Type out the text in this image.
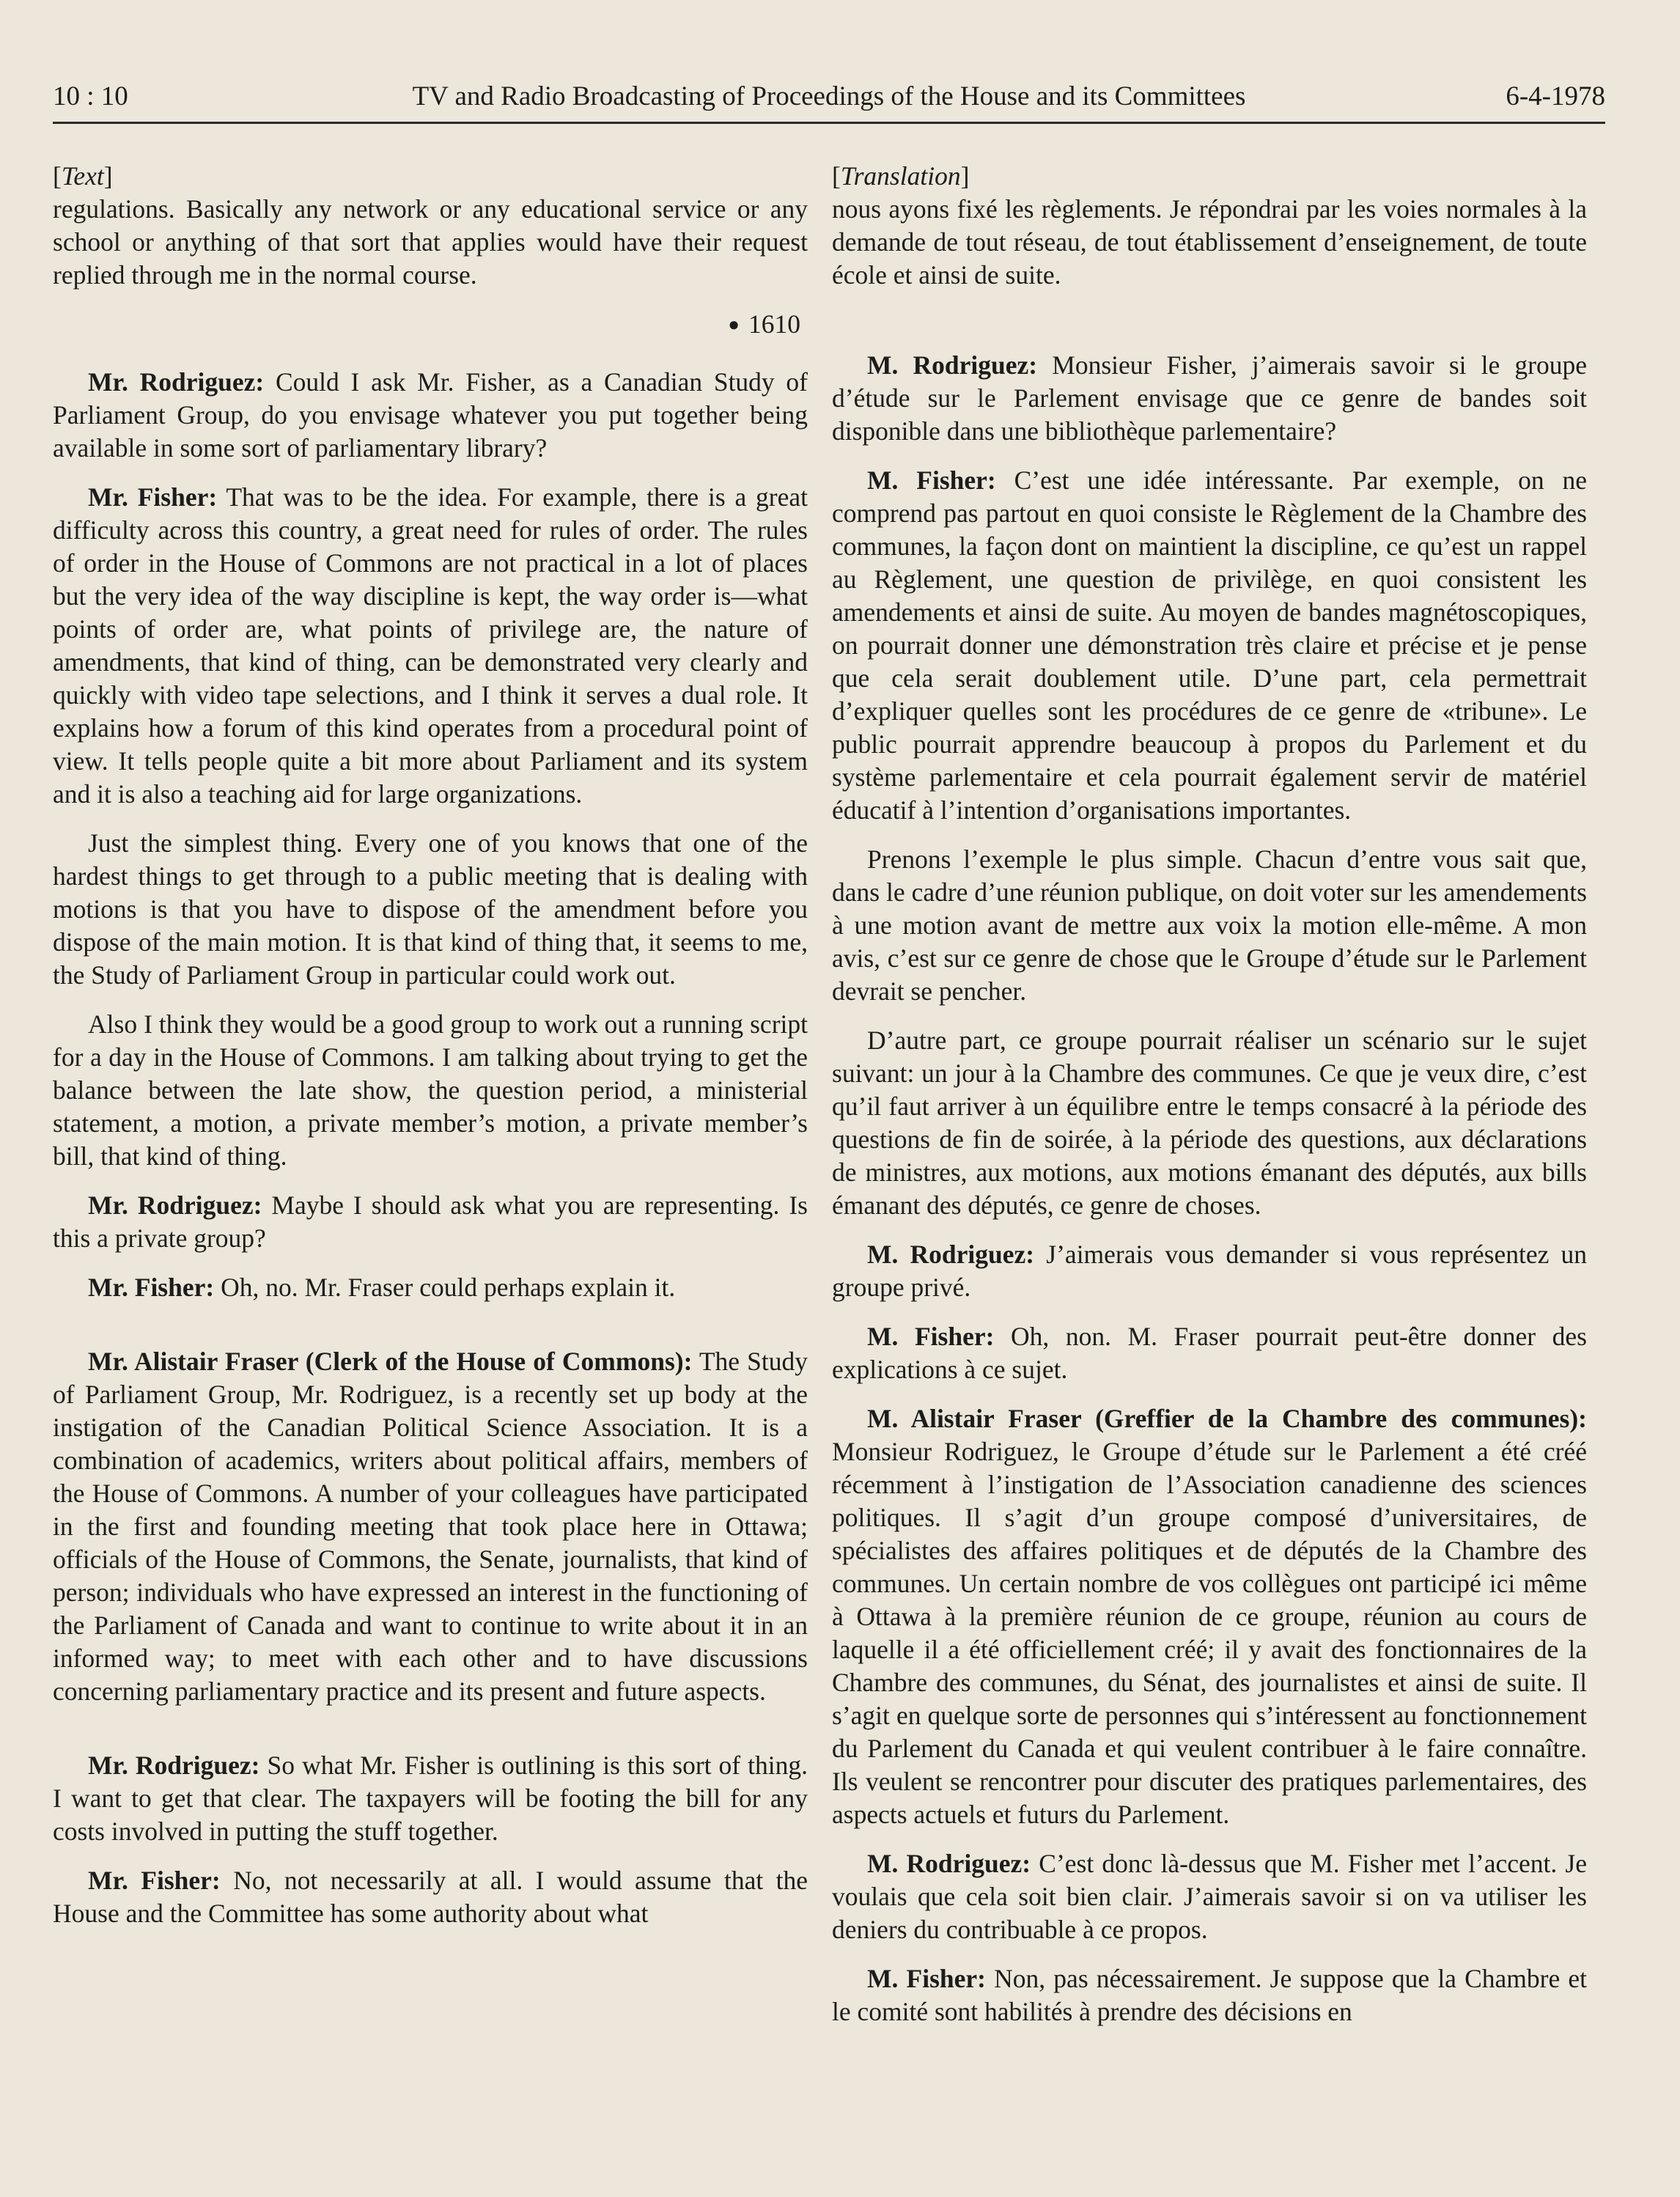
10 : 10	TV and Radio Broadcasting of Proceedings of the House and its Committees	6-4-1978

[Text]

regulations. Basically any network or any educational service or any school or anything of that sort that applies would have their request replied through me in the normal course.

● 1610

Mr. Rodriguez: Could I ask Mr. Fisher, as a Canadian Study of Parliament Group, do you envisage whatever you put together being available in some sort of parliamentary library?

Mr. Fisher: That was to be the idea. For example, there is a great difficulty across this country, a great need for rules of order. The rules of order in the House of Commons are not practical in a lot of places but the very idea of the way discipline is kept, the way order is—what points of order are, what points of privilege are, the nature of amendments, that kind of thing, can be demonstrated very clearly and quickly with video tape selections, and I think it serves a dual role. It explains how a forum of this kind operates from a procedural point of view. It tells people quite a bit more about Parliament and its system and it is also a teaching aid for large organizations.

Just the simplest thing. Every one of you knows that one of the hardest things to get through to a public meeting that is dealing with motions is that you have to dispose of the amendment before you dispose of the main motion. It is that kind of thing that, it seems to me, the Study of Parliament Group in particular could work out.

Also I think they would be a good group to work out a running script for a day in the House of Commons. I am talking about trying to get the balance between the late show, the question period, a ministerial statement, a motion, a private member’s motion, a private member’s bill, that kind of thing.

Mr. Rodriguez: Maybe I should ask what you are representing. Is this a private group?

Mr. Fisher: Oh, no. Mr. Fraser could perhaps explain it.

Mr. Alistair Fraser (Clerk of the House of Commons): The Study of Parliament Group, Mr. Rodriguez, is a recently set up body at the instigation of the Canadian Political Science Association. It is a combination of academics, writers about political affairs, members of the House of Commons. A number of your colleagues have participated in the first and founding meeting that took place here in Ottawa; officials of the House of Commons, the Senate, journalists, that kind of person; individuals who have expressed an interest in the functioning of the Parliament of Canada and want to continue to write about it in an informed way; to meet with each other and to have discussions concerning parliamentary practice and its present and future aspects.

Mr. Rodriguez: So what Mr. Fisher is outlining is this sort of thing. I want to get that clear. The taxpayers will be footing the bill for any costs involved in putting the stuff together.

Mr. Fisher: No, not necessarily at all. I would assume that the House and the Committee has some authority about what

[Translation]

nous ayons fixé les règlements. Je répondrai par les voies normales à la demande de tout réseau, de tout établissement d’enseignement, de toute école et ainsi de suite.

M. Rodriguez: Monsieur Fisher, j’aimerais savoir si le groupe d’étude sur le Parlement envisage que ce genre de bandes soit disponible dans une bibliothèque parlementaire?

M. Fisher: C’est une idée intéressante. Par exemple, on ne comprend pas partout en quoi consiste le Règlement de la Chambre des communes, la façon dont on maintient la discipline, ce qu’est un rappel au Règlement, une question de privilège, en quoi consistent les amendements et ainsi de suite. Au moyen de bandes magnétoscopiques, on pourrait donner une démonstration très claire et précise et je pense que cela serait doublement utile. D’une part, cela permettrait d’expliquer quelles sont les procédures de ce genre de «tribune». Le public pourrait apprendre beaucoup à propos du Parlement et du système parlementaire et cela pourrait également servir de matériel éducatif à l’intention d’organisations importantes.

Prenons l’exemple le plus simple. Chacun d’entre vous sait que, dans le cadre d’une réunion publique, on doit voter sur les amendements à une motion avant de mettre aux voix la motion elle-même. A mon avis, c’est sur ce genre de chose que le Groupe d’étude sur le Parlement devrait se pencher.

D’autre part, ce groupe pourrait réaliser un scénario sur le sujet suivant: un jour à la Chambre des communes. Ce que je veux dire, c’est qu’il faut arriver à un équilibre entre le temps consacré à la période des questions de fin de soirée, à la période des questions, aux déclarations de ministres, aux motions, aux motions émanant des députés, aux bills émanant des députés, ce genre de choses.

M. Rodriguez: J’aimerais vous demander si vous représentez un groupe privé.

M. Fisher: Oh, non. M. Fraser pourrait peut-être donner des explications à ce sujet.

M. Alistair Fraser (Greffier de la Chambre des communes): Monsieur Rodriguez, le Groupe d’étude sur le Parlement a été créé récemment à l’instigation de l’Association canadienne des sciences politiques. Il s’agit d’un groupe composé d’universitaires, de spécialistes des affaires politiques et de députés de la Chambre des communes. Un certain nombre de vos collègues ont participé ici même à Ottawa à la première réunion de ce groupe, réunion au cours de laquelle il a été officiellement créé; il y avait des fonctionnaires de la Chambre des communes, du Sénat, des journalistes et ainsi de suite. Il s’agit en quelque sorte de personnes qui s’intéressent au fonctionnement du Parlement du Canada et qui veulent contribuer à le faire connaître. Ils veulent se rencontrer pour discuter des pratiques parlementaires, des aspects actuels et futurs du Parlement.

M. Rodriguez: C’est donc là-dessus que M. Fisher met l’accent. Je voulais que cela soit bien clair. J’aimerais savoir si on va utiliser les deniers du contribuable à ce propos.

M. Fisher: Non, pas nécessairement. Je suppose que la Chambre et le comité sont habilités à prendre des décisions en
